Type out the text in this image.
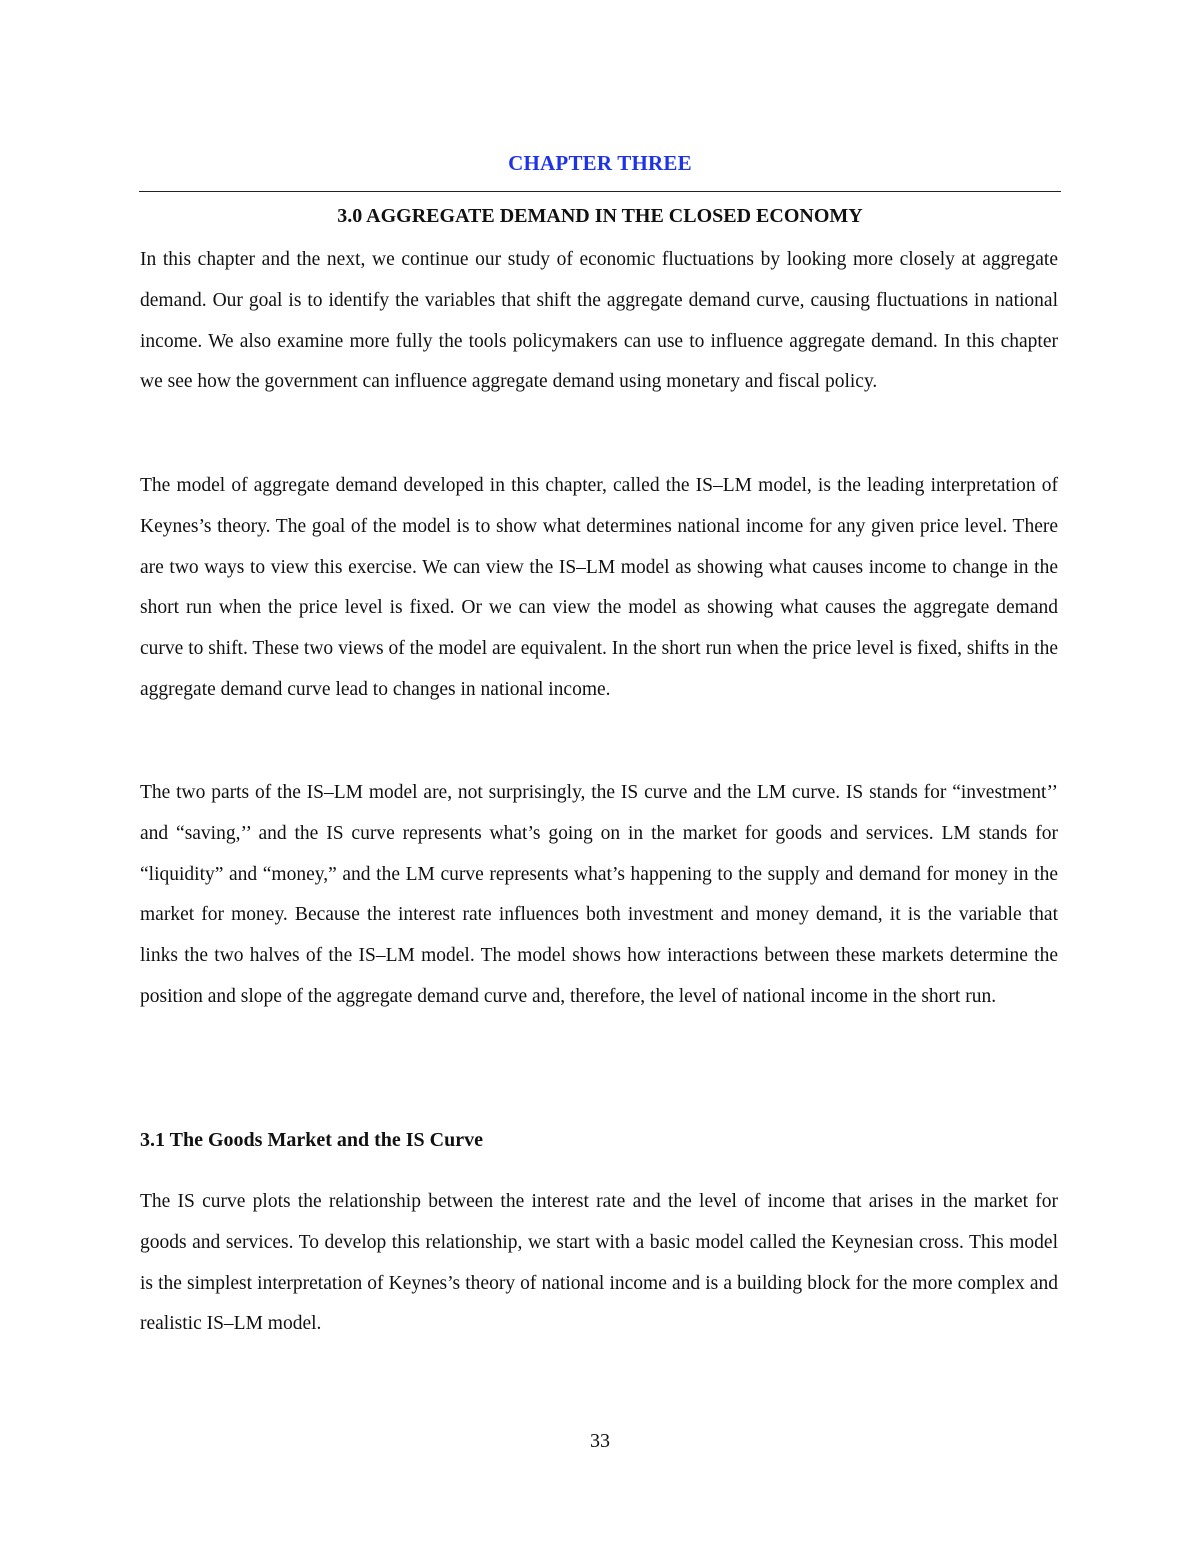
CHAPTER THREE
3.0 AGGREGATE DEMAND IN THE CLOSED ECONOMY

In this chapter and the next, we continue our study of economic fluctuations by looking more closely at aggregate demand. Our goal is to identify the variables that shift the aggregate demand curve, causing fluctuations in national income. We also examine more fully the tools policymakers can use to influence aggregate demand. In this chapter we see how the government can influence aggregate demand using monetary and fiscal policy.

The model of aggregate demand developed in this chapter, called the IS–LM model, is the leading interpretation of Keynes’s theory. The goal of the model is to show what determines national income for any given price level. There are two ways to view this exercise. We can view the IS–LM model as showing what causes income to change in the short run when the price level is fixed. Or we can view the model as showing what causes the aggregate demand curve to shift. These two views of the model are equivalent. In the short run when the price level is fixed, shifts in the aggregate demand curve lead to changes in national income.

The two parts of the IS–LM model are, not surprisingly, the IS curve and the LM curve. IS stands for “investment’’ and “saving,’’ and the IS curve represents what’s going on in the market for goods and services. LM stands for “liquidity” and “money,” and the LM curve represents what’s happening to the supply and demand for money in the market for money. Because the interest rate influences both investment and money demand, it is the variable that links the two halves of the IS–LM model. The model shows how interactions between these markets determine the position and slope of the aggregate demand curve and, therefore, the level of national income in the short run.

3.1 The Goods Market and the IS Curve

The IS curve plots the relationship between the interest rate and the level of income that arises in the market for goods and services. To develop this relationship, we start with a basic model called the Keynesian cross. This model is the simplest interpretation of Keynes’s theory of national income and is a building block for the more complex and realistic IS–LM model.

33
